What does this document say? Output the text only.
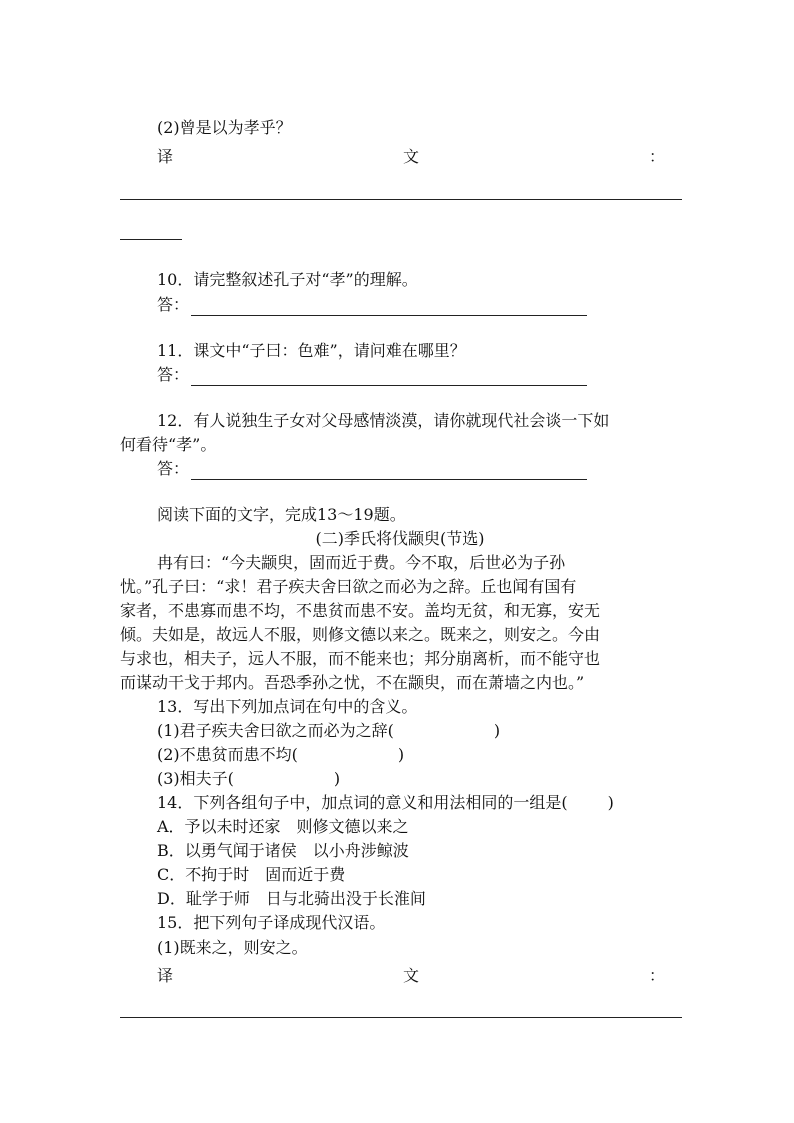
(2)曾是以为孝乎？
译	文	：
10．请完整叙述孔子对“孝”的理解。
答：
11．课文中“子曰：色难”，请问难在哪里？
答：
12．有人说独生子女对父母感情淡漠，请你就现代社会谈一下如
何看待“孝”。
答：
阅读下面的文字，完成13～19题。
(二)季氏将伐颛臾(节选)
冉有曰：“今夫颛臾，固而近于费。今不取，后世必为子孙
忧。”孔子曰：“求！君子疾夫舍曰欲之而必为之辞。丘也闻有国有
家者，不患寡而患不均，不患贫而患不安。盖均无贫，和无寡，安无
倾。夫如是，故远人不服，则修文德以来之。既来之，则安之。今由
与求也，相夫子，远人不服，而不能来也；邦分崩离析，而不能守也
而谋动干戈于邦内。吾恐季孙之忧，不在颛臾，而在萧墙之内也。”
13．写出下列加点词在句中的含义。
(1)君子疾夫舍曰欲之而必为之辞(	)
(2)不患贫而患不均(	)
(3)相夫子(	)
14．下列各组句子中，加点词的意义和用法相同的一组是(	)
A．予以未时还家　则修文德以来之
B．以勇气闻于诸侯　以小舟涉鲸波
C．不拘于时　固而近于费
D．耻学于师　日与北骑出没于长淮间
15．把下列句子译成现代汉语。
(1)既来之，则安之。
译	文	：
